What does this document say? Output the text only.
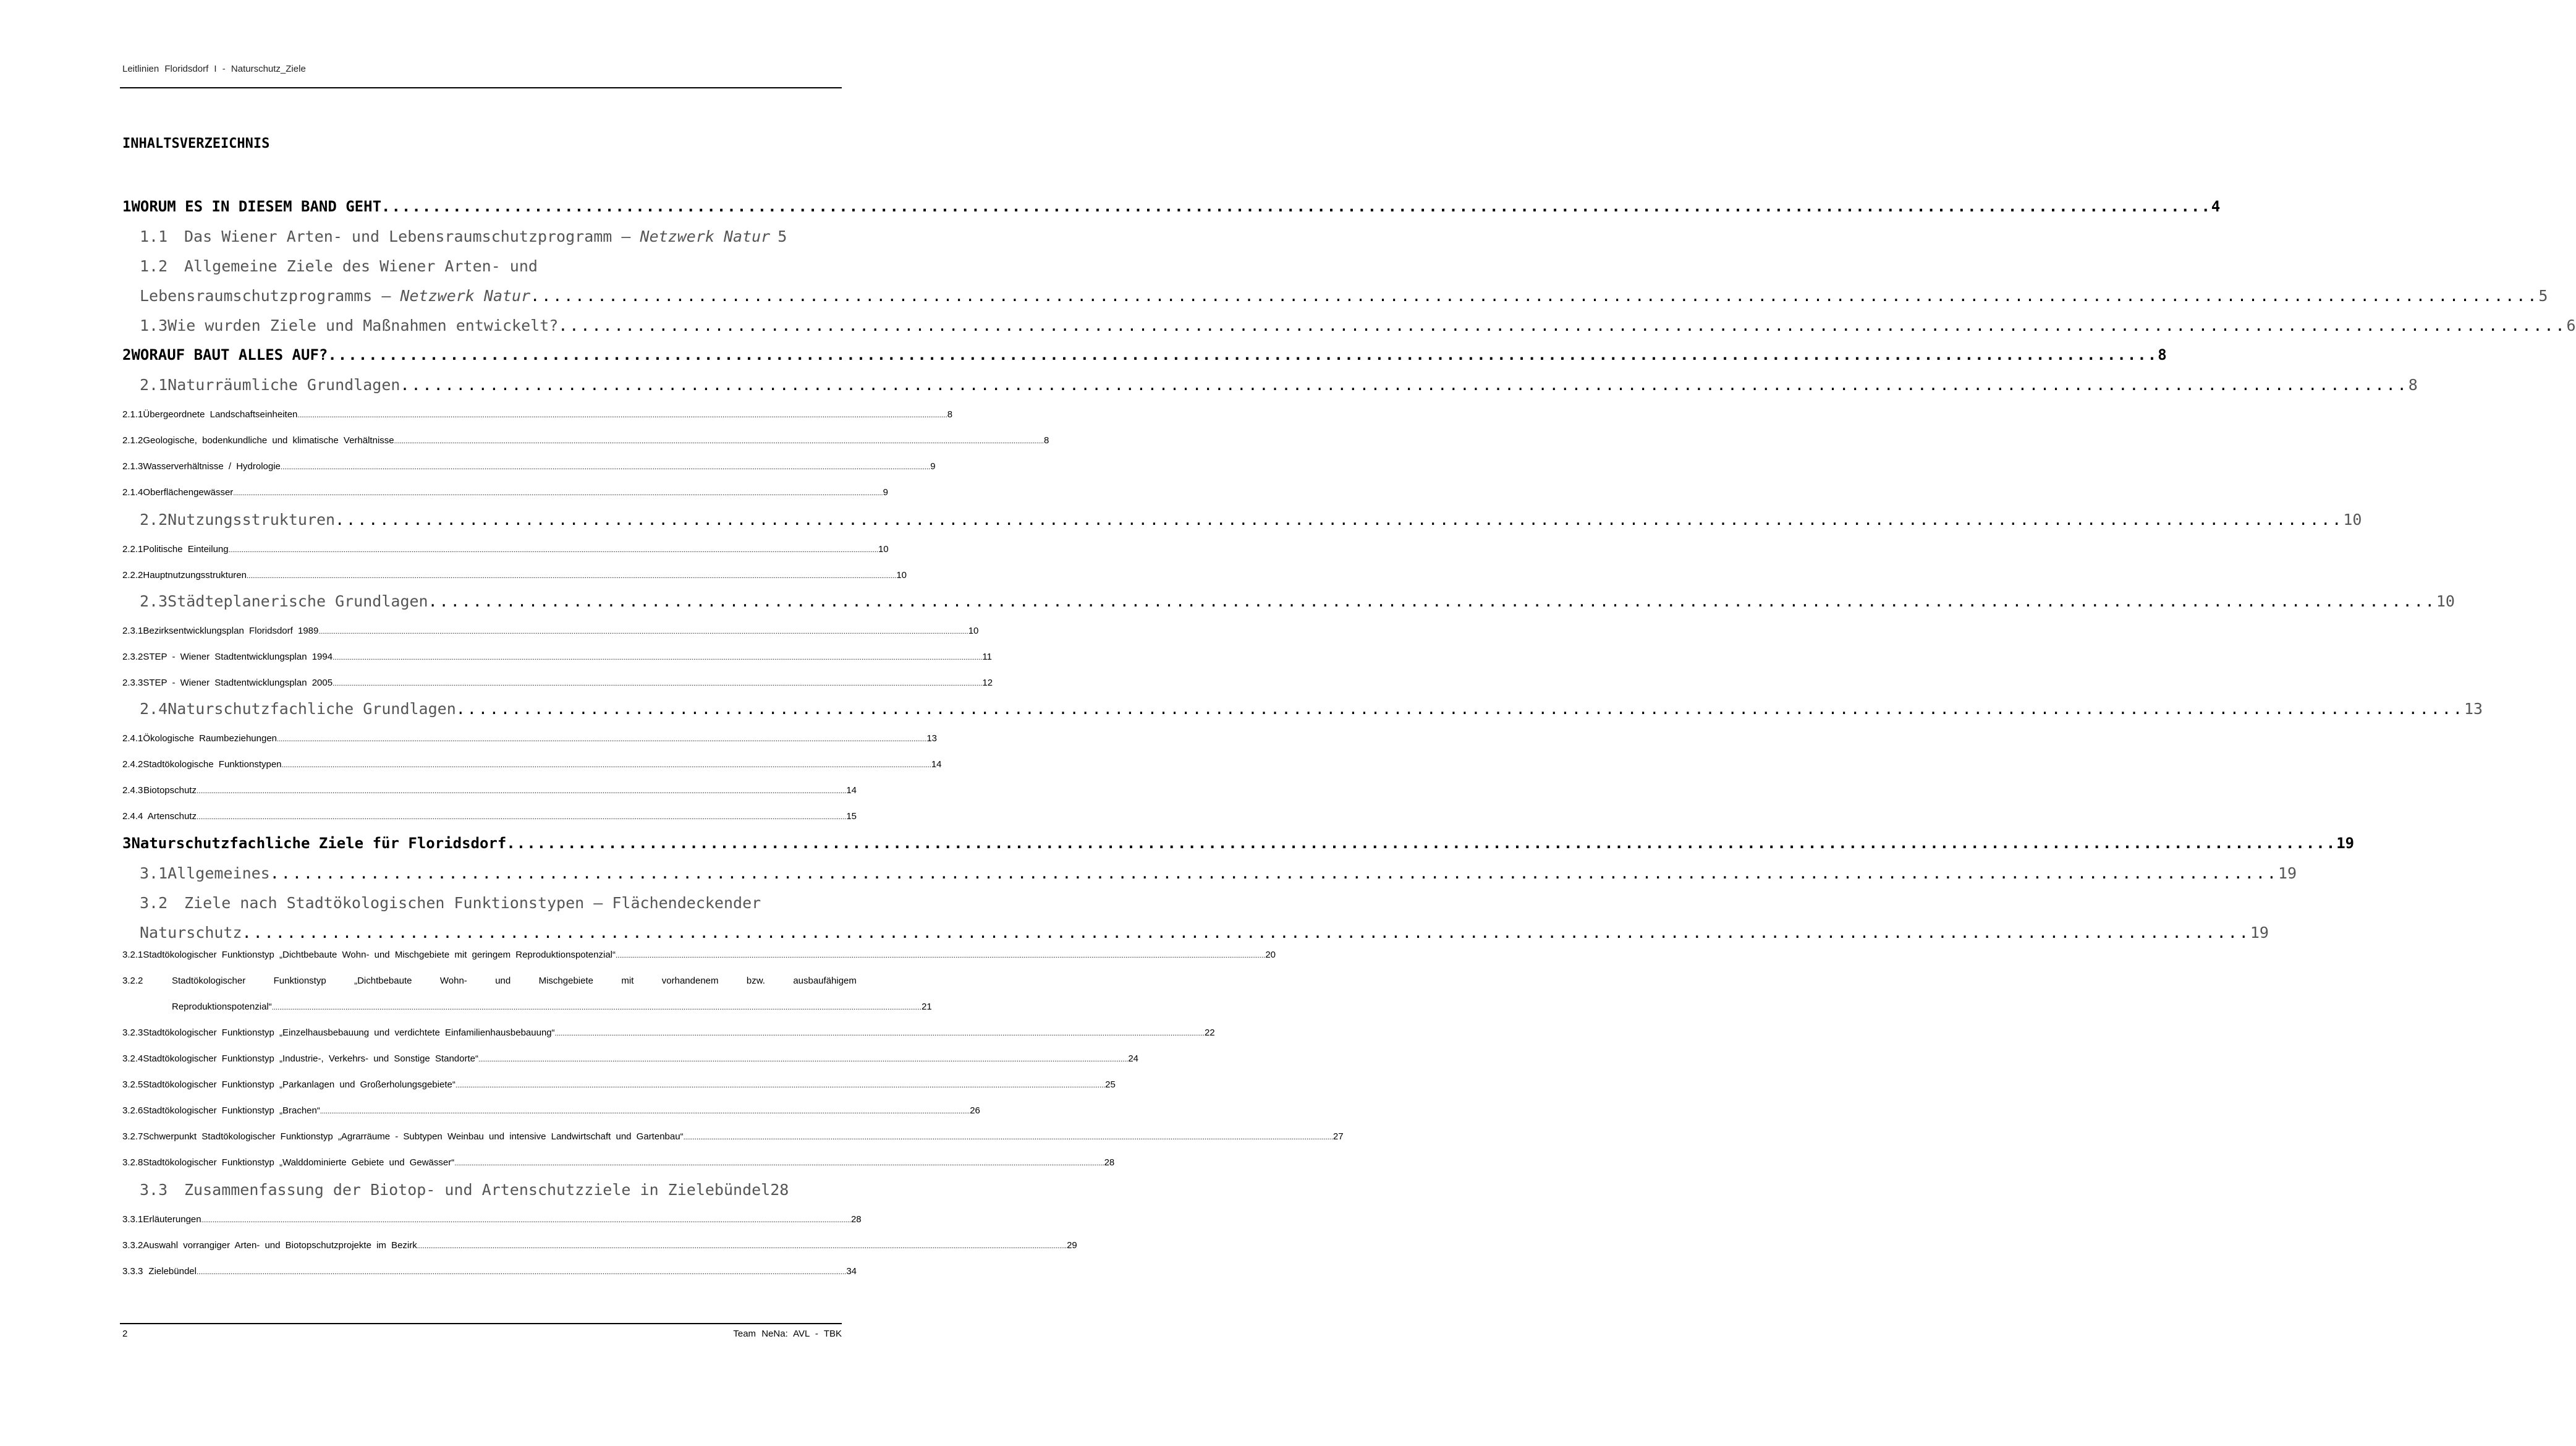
Leitlinien Floridsdorf I - Naturschutz_Ziele
INHALTSVERZEICHNIS
1 WORUM ES IN DIESEM BAND GEHT .....	4
1.1	Das Wiener Arten- und Lebensraumschutzprogramm – Netzwerk Natur 5
1.2 Allgemeine Ziele des Wiener Arten- und
Lebensraumschutzprogramms – Netzwerk Natur .....	5
1.3 Wie wurden Ziele und Maßnahmen entwickelt? .....	6
2 WORAUF BAUT ALLES AUF? .....	8
2.1 Naturräumliche Grundlagen .....	8
2.1.1 Übergeordnete Landschaftseinheiten .....	8
2.1.2 Geologische, bodenkundliche und klimatische Verhältnisse .....	8
2.1.3 Wasserverhältnisse / Hydrologie .....	9
2.1.4 Oberflächengewässer .....	9
2.2 Nutzungsstrukturen .....	10
2.2.1 Politische Einteilung .....	10
2.2.2 Hauptnutzungsstrukturen .....	10
2.3 Städteplanerische Grundlagen .....	10
2.3.1 Bezirksentwicklungsplan Floridsdorf 1989 .....	10
2.3.2 STEP - Wiener Stadtentwicklungsplan 1994 .....	11
2.3.3 STEP - Wiener Stadtentwicklungsplan 2005 .....	12
2.4 Naturschutzfachliche Grundlagen .....	13
2.4.1 Ökologische Raumbeziehungen .....	13
2.4.2 Stadtökologische Funktionstypen .....	14
2.4.3 Biotopschutz .....	14
2.4.4 Artenschutz .....	15
3 Naturschutzfachliche Ziele für Floridsdorf .....	19
3.1 Allgemeines .....	19
3.2 Ziele nach Stadtökologischen Funktionstypen – Flächendeckender
Naturschutz .....	19
3.2.1 Stadtökologischer Funktionstyp „Dichtbebaute Wohn- und Mischgebiete mit geringem Reproduktionspotenzial“ .....	20
3.2.2	Stadtökologischer	Funktionstyp	„Dichtbebaute	Wohn-	und	Mischgebiete	mit	vorhandenem	bzw.	ausbaufähigem
Reproduktionspotenzial“ .....	21
3.2.3 Stadtökologischer Funktionstyp „Einzelhausbebauung und verdichtete Einfamilienhausbebauung“ .....	22
3.2.4 Stadtökologischer Funktionstyp „Industrie-, Verkehrs- und Sonstige Standorte“ .....	24
3.2.5 Stadtökologischer Funktionstyp „Parkanlagen und Großerholungsgebiete“ .....	25
3.2.6 Stadtökologischer Funktionstyp „Brachen“ .....	26
3.2.7 Schwerpunkt Stadtökologischer Funktionstyp „Agrarräume - Subtypen Weinbau und intensive Landwirtschaft und Gartenbau“ .....	27
3.2.8 Stadtökologischer Funktionstyp „Walddominierte Gebiete und Gewässer“ .....	28
3.3	Zusammenfassung der Biotop- und Artenschutzziele in Zielebündel 28
3.3.1 Erläuterungen .....	28
3.3.2 Auswahl vorrangiger Arten- und Biotopschutzprojekte im Bezirk .....	29
3.3.3 Zielebündel .....	34
2	Team NeNa: AVL - TBK
